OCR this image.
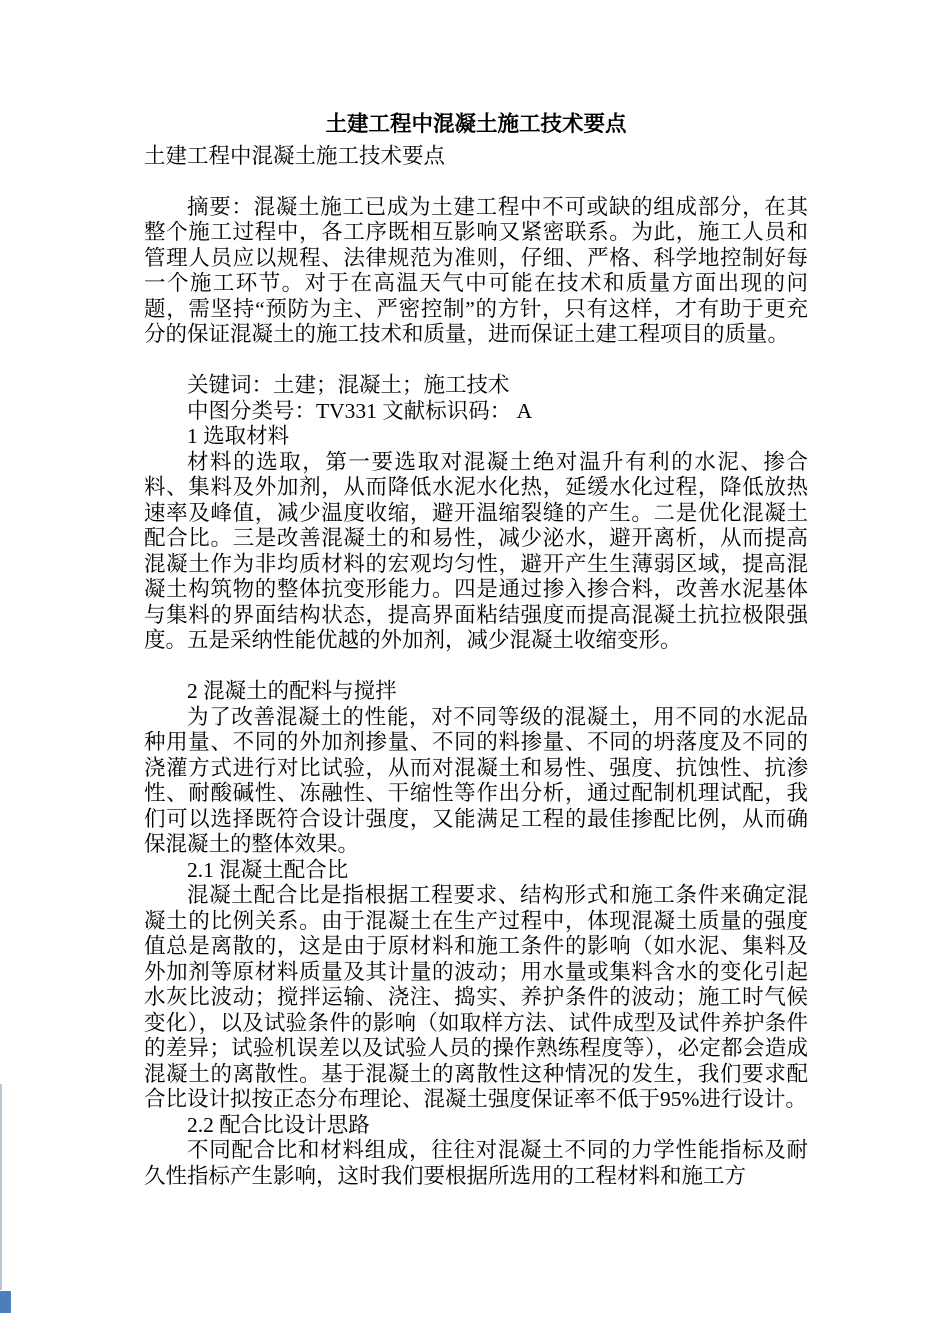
土建工程中混凝土施工技术要点

土建工程中混凝土施工技术要点

摘要：混凝土施工已成为土建工程中不可或缺的组成部分，在其整个施工过程中，各工序既相互影响又紧密联系。为此，施工人员和管理人员应以规程、法律规范为准则，仔细、严格、科学地控制好每一个施工环节。对于在高温天气中可能在技术和质量方面出现的问题，需坚持“预防为主、严密控制”的方针，只有这样，才有助于更充分的保证混凝土的施工技术和质量，进而保证土建工程项目的质量。

关键词：土建；混凝土；施工技术

中图分类号：TV331 文献标识码： A

1 选取材料

材料的选取，第一要选取对混凝土绝对温升有利的水泥、掺合料、集料及外加剂，从而降低水泥水化热，延缓水化过程，降低放热速率及峰值，减少温度收缩，避开温缩裂缝的产生。二是优化混凝土配合比。三是改善混凝土的和易性，减少泌水，避开离析，从而提高混凝土作为非均质材料的宏观均匀性，避开产生生薄弱区域，提高混凝土构筑物的整体抗变形能力。四是通过掺入掺合料，改善水泥基体与集料的界面结构状态，提高界面粘结强度而提高混凝土抗拉极限强度。五是采纳性能优越的外加剂，减少混凝土收缩变形。

2 混凝土的配料与搅拌

为了改善混凝土的性能，对不同等级的混凝土，用不同的水泥品种用量、不同的外加剂掺量、不同的料掺量、不同的坍落度及不同的浇灌方式进行对比试验，从而对混凝土和易性、强度、抗蚀性、抗渗性、耐酸碱性、冻融性、干缩性等作出分析，通过配制机理试配，我们可以选择既符合设计强度，又能满足工程的最佳掺配比例，从而确保混凝土的整体效果。

2.1 混凝土配合比

混凝土配合比是指根据工程要求、结构形式和施工条件来确定混凝土的比例关系。由于混凝土在生产过程中，体现混凝土质量的强度值总是离散的，这是由于原材料和施工条件的影响（如水泥、集料及外加剂等原材料质量及其计量的波动；用水量或集料含水的变化引起水灰比波动；搅拌运输、浇注、捣实、养护条件的波动；施工时气候变化），以及试验条件的影响（如取样方法、试件成型及试件养护条件的差异；试验机误差以及试验人员的操作熟练程度等），必定都会造成混凝土的离散性。基于混凝土的离散性这种情况的发生，我们要求配合比设计拟按正态分布理论、混凝土强度保证率不低于95%进行设计。

2.2 配合比设计思路

不同配合比和材料组成，往往对混凝土不同的力学性能指标及耐久性指标产生影响，这时我们要根据所选用的工程材料和施工方
